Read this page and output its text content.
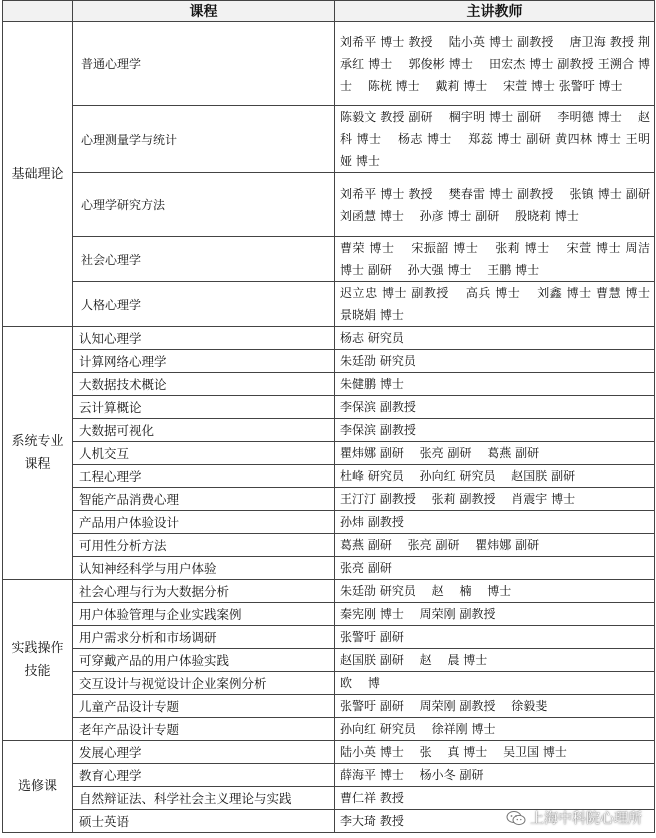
	课程	主讲教师
基础理论	普通心理学	刘希平 博士 教授 　陆小英 博士 副教授 　唐卫海 教授 荆承红 博士 　郭俊彬 博士 　田宏杰 博士 副教授 王溯合 博士 　陈桄 博士 　戴莉 博士 　宋萱 博士 张警吁 博士
	心理测量学与统计	陈毅文 教授 副研 　棡宇明 博士 副研 　李明德 博士 　赵科 博士 　杨志 博士 　郑蕊 博士 副研 黄四林 博士 王明娅 博士
	心理学研究方法	刘希平 博士 教授 　樊春雷 博士 副教授 　张镇 博士 副研 刘函慧 博士 　孙彦 博士 副研 　殷晓莉 博士
	社会心理学	曹荣 博士 　宋振韶 博士 　张莉 博士 　宋萱 博士 周洁 博士 副研 　孙大强 博士 　王鹏 博士
	人格心理学	迟立忠 博士 副教授 　高兵 博士 　刘鑫 博士 曹慧 博士 景晓娟 博士
系统专业课程	认知心理学	杨志 研究员
	计算网络心理学	朱廷劭 研究员
	大数据技术概论	朱健鹏 博士
	云计算概论	李保滨 副教授
	大数据可视化	李保滨 副教授
	人机交互	瞿炜娜 副研 　张亮 副研 　葛燕 副研
	工程心理学	杜峰 研究员 　孙向红 研究员 　赵国朕 副研
	智能产品消费心理	王汀汀 副教授 　张莉 副教授 　肖震宇 博士
	产品用户体验设计	孙炜 副教授
	可用性分析方法	葛燕 副研 　张亮 副研 　瞿炜娜 副研
	认知神经科学与用户体验	张亮 副研
实践操作技能	社会心理与行为大数据分析	朱廷劭 研究员 　赵 　楠 　博士
	用户体验管理与企业实践案例	秦宪刚 博士 　周荣刚 副教授
	用户需求分析和市场调研	张警吁 副研
	可穿戴产品的用户体验实践	赵国朕 副研 　赵 　晨 博士
	交互设计与视觉设计企业案例分析	欧 　博
	儿童产品设计专题	张警吁 副研 　周荣刚 副教授 　徐毅斐
	老年产品设计专题	孙向红 研究员 　徐祥刚 博士
选修课	发展心理学	陆小英 博士 　张 　真 博士 　吴卫国 博士
	教育心理学	薛海平 博士 　杨小冬 副研
	自然辩证法、科学社会主义理论与实践	曹仁祥 教授
	硕士英语	李大琦 教授	上海中科院心理所
